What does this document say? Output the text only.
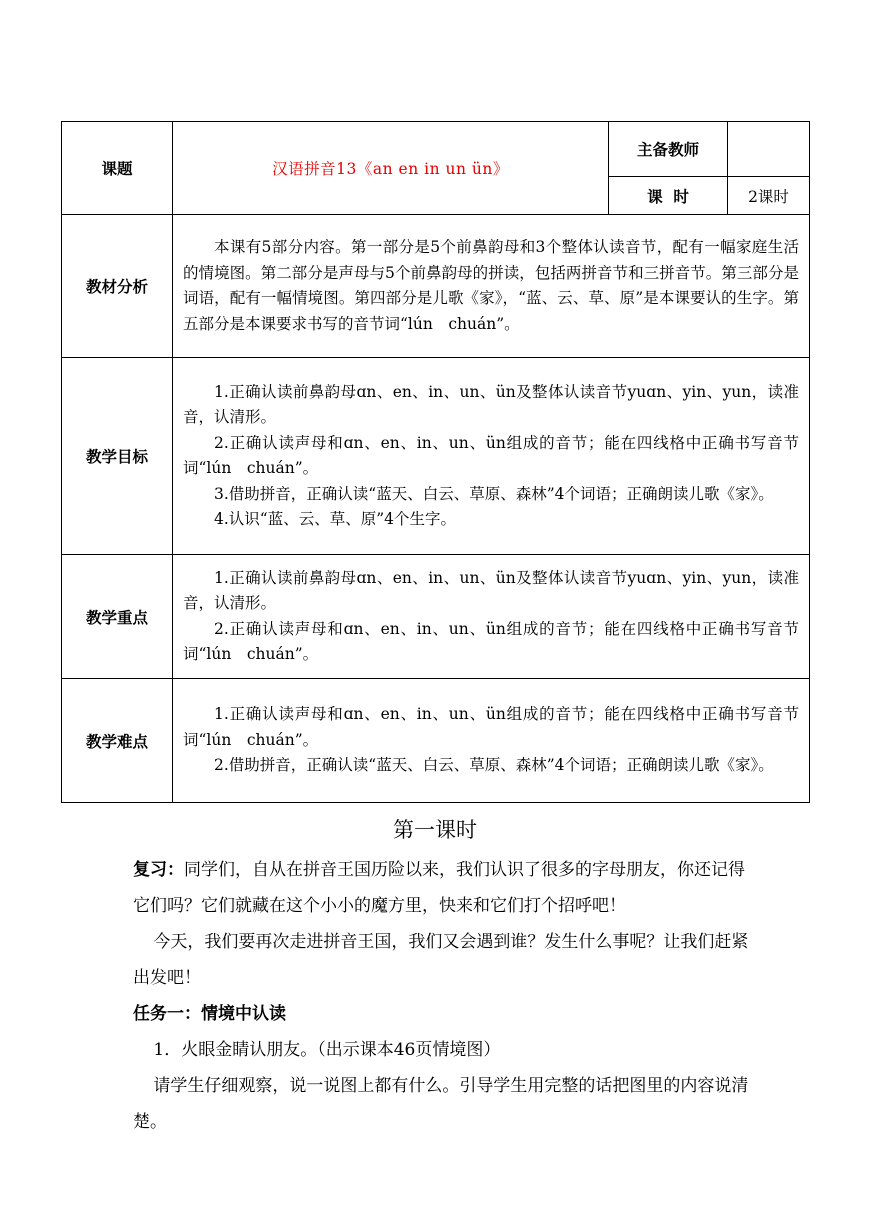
课题	汉语拼音13《an en in un ün》	主备教师	
		课  时	2课时
教材分析	本课有5部分内容。第一部分是5个前鼻韵母和3个整体认读音节，配有一幅家庭生活的情境图。第二部分是声母与5个前鼻韵母的拼读，包括两拼音节和三拼音节。第三部分是词语，配有一幅情境图。第四部分是儿歌《家》，“蓝、云、草、原”是本课要认的生字。第五部分是本课要求书写的音节词“lún　chuán”。		

教学目标	1.正确认读前鼻韵母ɑn、en、in、un、ün及整体认读音节yuɑn、yin、yun，读准音，认清形。

2.正确认读声母和ɑn、en、in、un、ün组成的音节；能在四线格中正确书写音节词“lún　chuán”。

3.借助拼音，正确认读“蓝天、白云、草原、森林”4个词语；正确朗读儿歌《家》。

4.认识“蓝、云、草、原”4个生字。		

教学重点	1.正确认读前鼻韵母ɑn、en、in、un、ün及整体认读音节yuɑn、yin、yun，读准音，认清形。

2.正确认读声母和ɑn、en、in、un、ün组成的音节；能在四线格中正确书写音节词“lún　chuán”。		

教学难点	1.正确认读声母和ɑn、en、in、un、ün组成的音节；能在四线格中正确书写音节词“lún　chuán”。

2.借助拼音，正确认读“蓝天、白云、草原、森林”4个词语；正确朗读儿歌《家》。		

第一课时

复习：同学们，自从在拼音王国历险以来，我们认识了很多的字母朋友，你还记得它们吗？它们就藏在这个小小的魔方里，快来和它们打个招呼吧！

今天，我们要再次走进拼音王国，我们又会遇到谁？发生什么事呢？让我们赶紧出发吧！

任务一：情境中认读

1．火眼金睛认朋友。（出示课本46页情境图）

请学生仔细观察，说一说图上都有什么。引导学生用完整的话把图里的内容说清楚。
